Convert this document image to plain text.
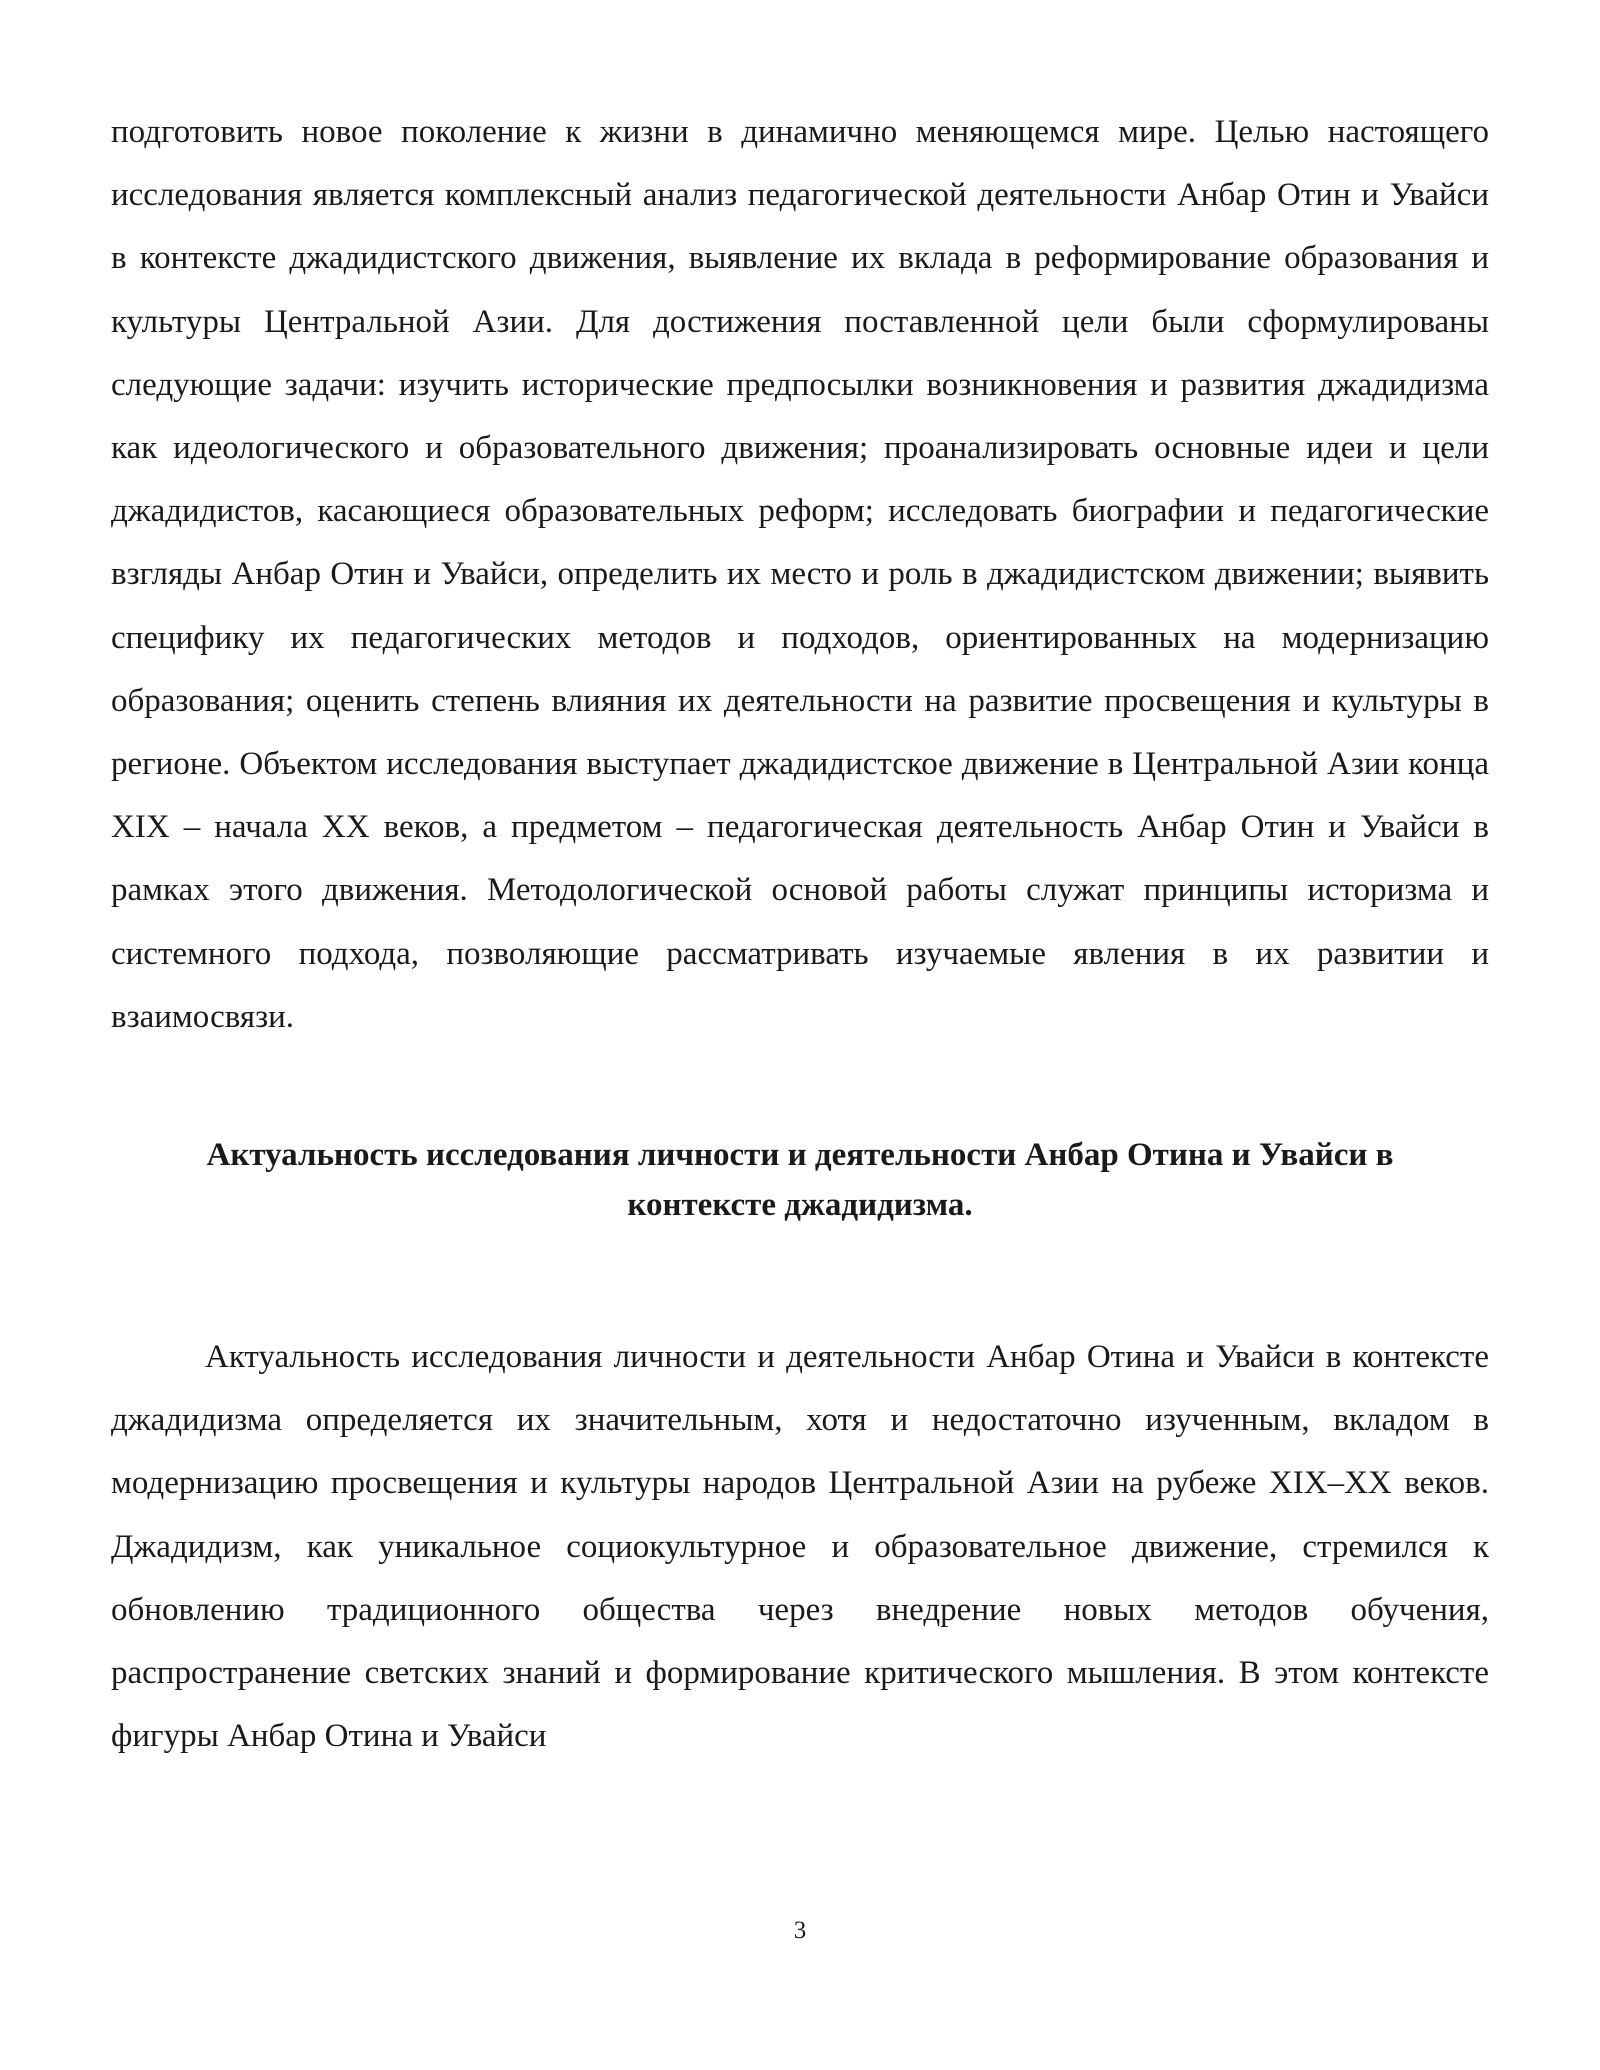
подготовить новое поколение к жизни в динамично меняющемся мире. Целью настоящего исследования является комплексный анализ педагогической деятельности Анбар Отин и Увайси в контексте джадидистского движения, выявление их вклада в реформирование образования и культуры Центральной Азии. Для достижения поставленной цели были сформулированы следующие задачи: изучить исторические предпосылки возникновения и развития джадидизма как идеологического и образовательного движения; проанализировать основные идеи и цели джадидистов, касающиеся образовательных реформ; исследовать биографии и педагогические взгляды Анбар Отин и Увайси, определить их место и роль в джадидистском движении; выявить специфику их педагогических методов и подходов, ориентированных на модернизацию образования; оценить степень влияния их деятельности на развитие просвещения и культуры в регионе. Объектом исследования выступает джадидистское движение в Центральной Азии конца XIX – начала XX веков, а предметом – педагогическая деятельность Анбар Отин и Увайси в рамках этого движения. Методологической основой работы служат принципы историзма и системного подхода, позволяющие рассматривать изучаемые явления в их развитии и взаимосвязи.

Актуальность исследования личности и деятельности Анбар Отина и Увайси в
контексте джадидизма.

Актуальность исследования личности и деятельности Анбар Отина и Увайси в контексте джадидизма определяется их значительным, хотя и недостаточно изученным, вкладом в модернизацию просвещения и культуры народов Центральной Азии на рубеже XIX–XX веков. Джадидизм, как уникальное социокультурное и образовательное движение, стремился к обновлению традиционного общества через внедрение новых методов обучения, распространение светских знаний и формирование критического мышления. В этом контексте фигуры Анбар Отина и Увайси

3
